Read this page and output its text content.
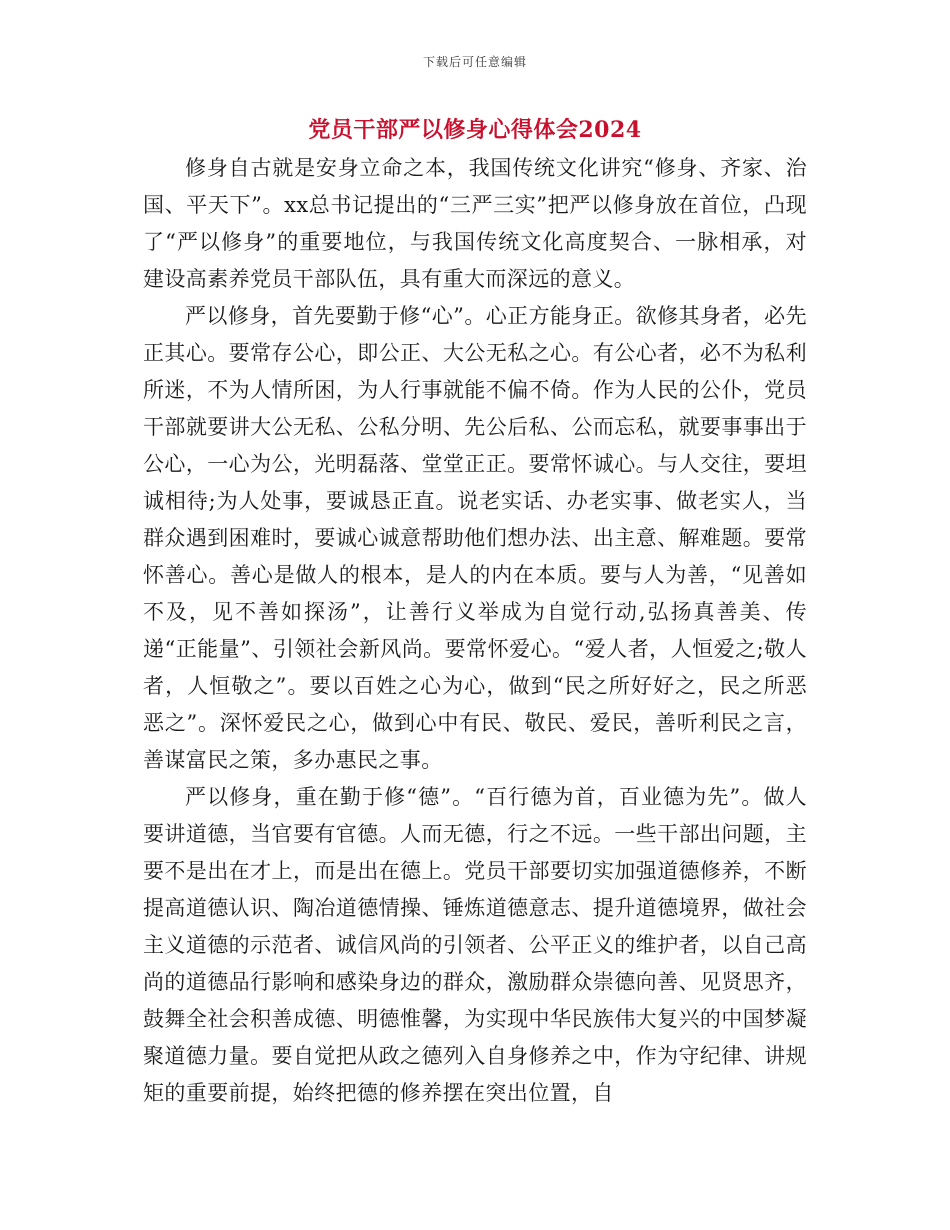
下载后可任意编辑
党员干部严以修身心得体会2024

修身自古就是安身立命之本，我国传统文化讲究“修身、齐家、治国、平天下”。xx总书记提出的“三严三实”把严以修身放在首位，凸现了“严以修身”的重要地位，与我国传统文化高度契合、一脉相承，对建设高素养党员干部队伍，具有重大而深远的意义。

严以修身，首先要勤于修“心”。心正方能身正。欲修其身者，必先正其心。要常存公心，即公正、大公无私之心。有公心者，必不为私利所迷，不为人情所困，为人行事就能不偏不倚。作为人民的公仆，党员干部就要讲大公无私、公私分明、先公后私、公而忘私，就要事事出于公心，一心为公，光明磊落、堂堂正正。要常怀诚心。与人交往，要坦诚相待;为人处事，要诚恳正直。说老实话、办老实事、做老实人，当群众遇到困难时，要诚心诚意帮助他们想办法、出主意、解难题。要常怀善心。善心是做人的根本，是人的内在本质。要与人为善，“见善如不及，见不善如探汤”，让善行义举成为自觉行动,弘扬真善美、传递“正能量”、引领社会新风尚。要常怀爱心。“爱人者，人恒爱之;敬人者，人恒敬之”。要以百姓之心为心，做到“民之所好好之，民之所恶恶之”。深怀爱民之心，做到心中有民、敬民、爱民，善听利民之言，善谋富民之策，多办惠民之事。

严以修身，重在勤于修“德”。“百行德为首，百业德为先”。做人要讲道德，当官要有官德。人而无德，行之不远。一些干部出问题，主要不是出在才上，而是出在德上。党员干部要切实加强道德修养，不断提高道德认识、陶冶道德情操、锤炼道德意志、提升道德境界，做社会主义道德的示范者、诚信风尚的引领者、公平正义的维护者，以自己高尚的道德品行影响和感染身边的群众，激励群众崇德向善、见贤思齐，鼓舞全社会积善成德、明德惟馨，为实现中华民族伟大复兴的中国梦凝聚道德力量。要自觉把从政之德列入自身修养之中，作为守纪律、讲规矩的重要前提，始终把德的修养摆在突出位置，自
